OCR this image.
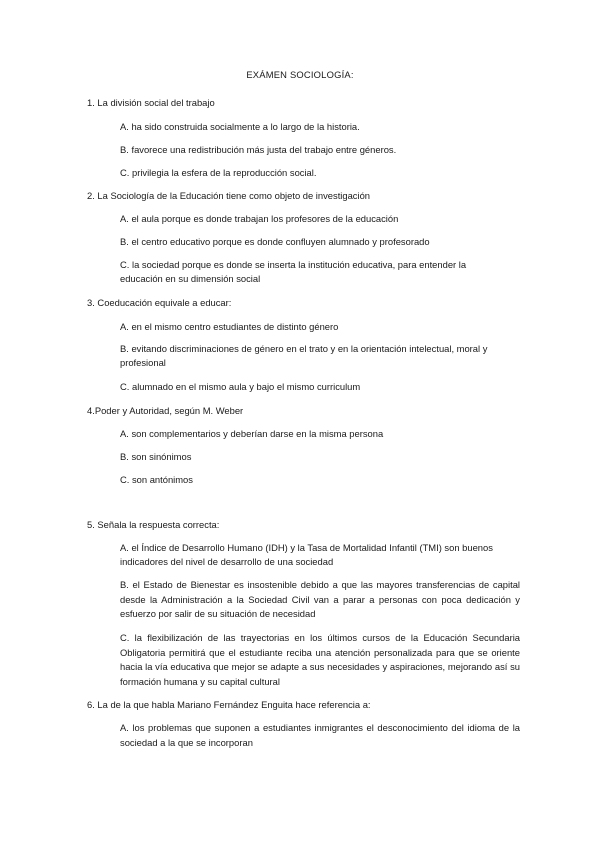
EXÁMEN SOCIOLOGÍA:
1. La división social del trabajo
A. ha sido construida socialmente a lo largo de la historia.
B. favorece una redistribución más justa del trabajo entre géneros.
C. privilegia la esfera de la reproducción social.
2. La Sociología de la Educación tiene como objeto de investigación
A. el aula porque es donde trabajan los profesores de la educación
B. el centro educativo porque es donde confluyen alumnado y profesorado
C. la sociedad porque es donde se inserta la institución educativa, para entender la educación en su dimensión social
3. Coeducación equivale a educar:
A. en el mismo centro estudiantes de distinto género
B. evitando discriminaciones de género en el trato y en la orientación intelectual, moral y profesional
C. alumnado en el mismo aula y bajo el mismo curriculum
4.Poder y Autoridad, según M. Weber
A. son complementarios y deberían darse en la misma persona
B. son sinónimos
C. son antónimos
5. Señala la respuesta correcta:
A. el Índice de Desarrollo Humano (IDH) y la Tasa de Mortalidad Infantil (TMI) son buenos indicadores del nivel de desarrollo de una sociedad
B. el Estado de Bienestar es insostenible debido a que las mayores transferencias de capital desde la Administración a la Sociedad Civil van a parar a personas con poca dedicación y esfuerzo por salir de su situación de necesidad
C. la flexibilización de las trayectorias en los últimos cursos de la Educación Secundaria Obligatoria permitirá que el estudiante reciba una atención personalizada para que se oriente hacia la vía educativa que mejor se adapte a sus necesidades y aspiraciones, mejorando así su formación humana y su capital cultural
6. La de la que habla Mariano Fernández Enguita hace referencia a:
A. los problemas que suponen a estudiantes inmigrantes el desconocimiento del idioma de la sociedad a la que se incorporan
